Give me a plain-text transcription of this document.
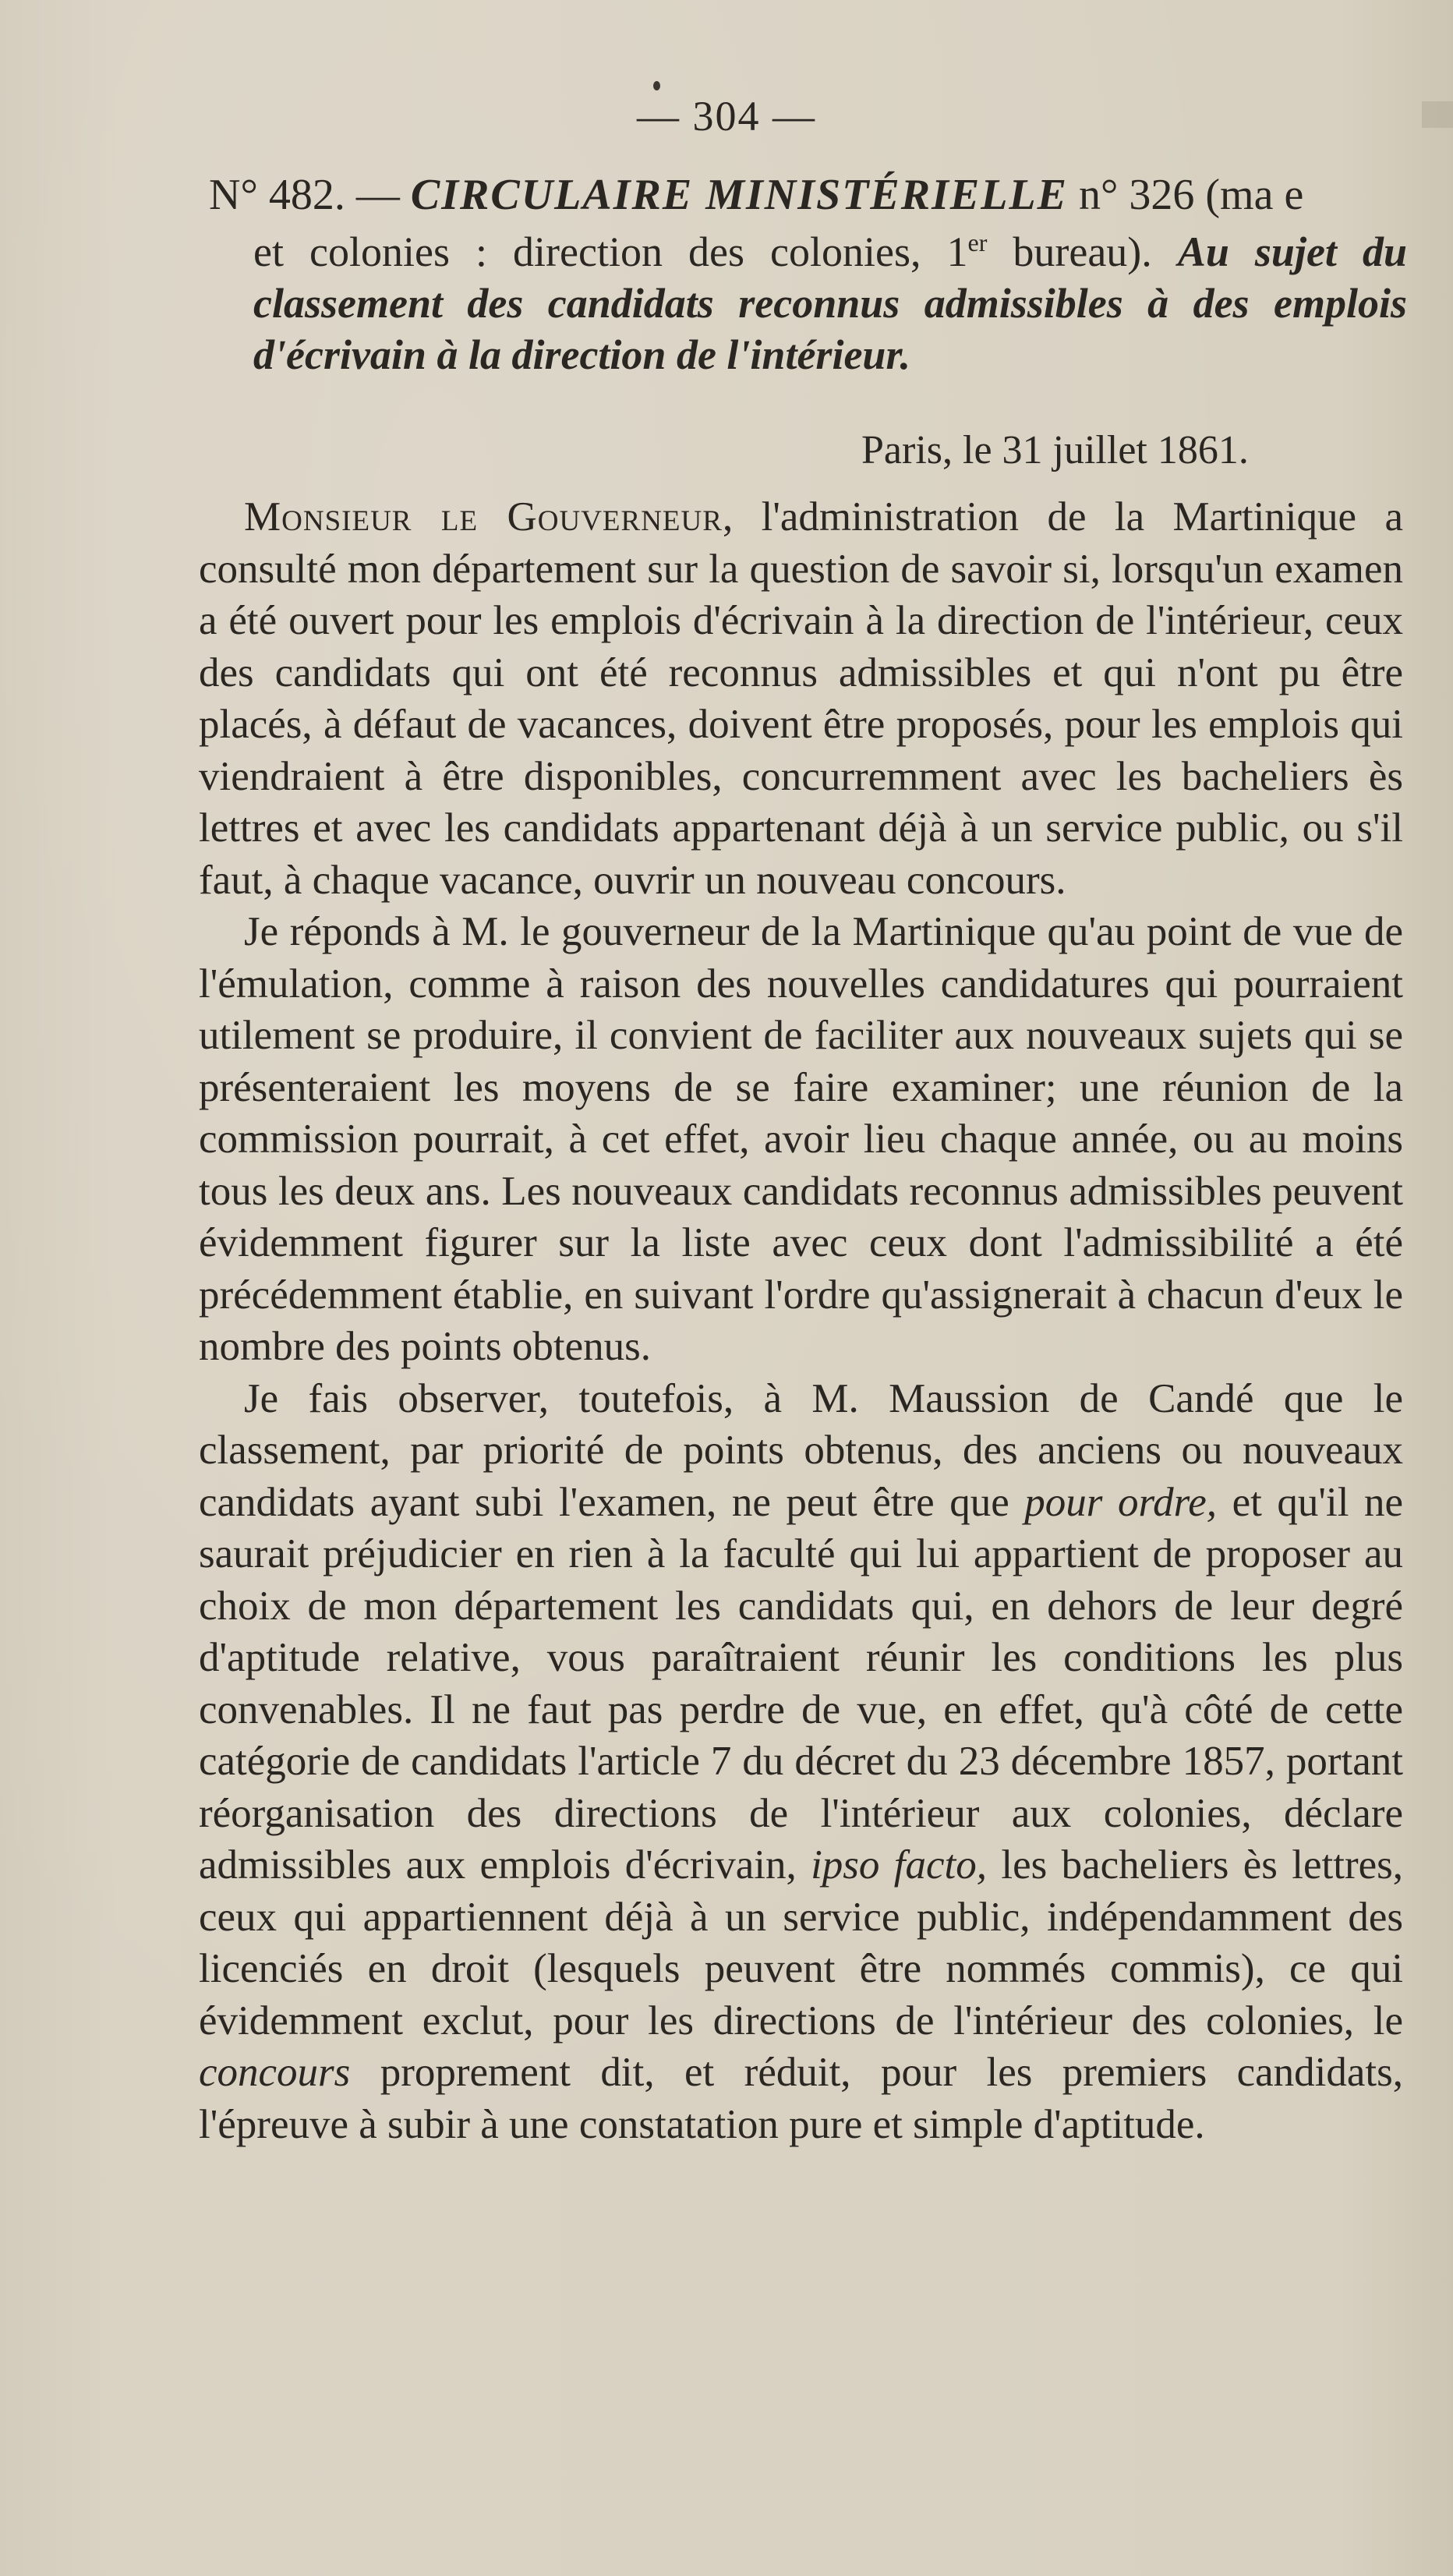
— 304 —
N° 482. — CIRCULAIRE MINISTÉRIELLE n° 326 (ma e
et colonies : direction des colonies, 1er bureau). Au sujet du
classement des candidats reconnus admissibles à des emplois
d'écrivain à la direction de l'intérieur.
Paris, le 31 juillet 1861.

Monsieur le Gouverneur, l'administration de la Martinique a consulté mon département sur la question de savoir si, lorsqu'un examen a été ouvert pour les emplois d'écrivain à la direction de l'intérieur, ceux des candidats qui ont été reconnus admissibles et qui n'ont pu être placés, à défaut de vacances, doivent être proposés, pour les emplois qui viendraient à être disponibles, concurremment avec les bacheliers ès lettres et avec les candidats appartenant déjà à un service public, ou s'il faut, à chaque vacance, ouvrir un nouveau concours.

Je réponds à M. le gouverneur de la Martinique qu'au point de vue de l'émulation, comme à raison des nouvelles candidatures qui pourraient utilement se produire, il convient de faciliter aux nouveaux sujets qui se présenteraient les moyens de se faire examiner; une réunion de la commission pourrait, à cet effet, avoir lieu chaque année, ou au moins tous les deux ans. Les nouveaux candidats reconnus admissibles peuvent évidemment figurer sur la liste avec ceux dont l'admissibilité a été précédemment établie, en suivant l'ordre qu'assignerait à chacun d'eux le nombre des points obtenus.

Je fais observer, toutefois, à M. Maussion de Candé que le classement, par priorité de points obtenus, des anciens ou nouveaux candidats ayant subi l'examen, ne peut être que pour ordre, et qu'il ne saurait préjudicier en rien à la faculté qui lui appartient de proposer au choix de mon département les candidats qui, en dehors de leur degré d'aptitude relative, vous paraîtraient réunir les conditions les plus convenables. Il ne faut pas perdre de vue, en effet, qu'à côté de cette catégorie de candidats l'article 7 du décret du 23 décembre 1857, portant réorganisation des directions de l'intérieur aux colonies, déclare admissibles aux emplois d'écrivain, ipso facto, les bacheliers ès lettres, ceux qui appartiennent déjà à un service public, indépendamment des licenciés en droit (lesquels peuvent être nommés commis), ce qui évidemment exclut, pour les directions de l'intérieur des colonies, le concours proprement dit, et réduit, pour les premiers candidats, l'épreuve à subir à une constatation pure et simple d'aptitude.
